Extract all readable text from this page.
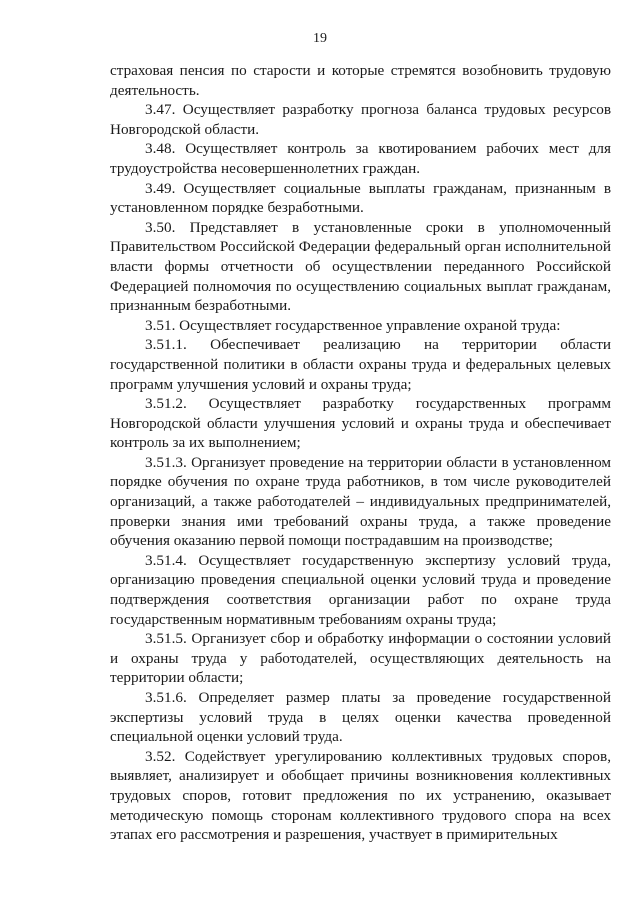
19

страховая пенсия по старости и которые стремятся возобновить трудовую деятельность.

3.47. Осуществляет разработку прогноза баланса трудовых ресурсов Новгородской области.

3.48. Осуществляет контроль за квотированием рабочих мест для трудоустройства несовершеннолетних граждан.

3.49. Осуществляет социальные выплаты гражданам, признанным в установленном порядке безработными.

3.50. Представляет в установленные сроки в уполномоченный Правительством Российской Федерации федеральный орган исполнительной власти формы отчетности об осуществлении переданного Российской Федерацией полномочия по осуществлению социальных выплат гражданам, признанным безработными.

3.51. Осуществляет государственное управление охраной труда:

3.51.1. Обеспечивает реализацию на территории области государственной политики в области охраны труда и федеральных целевых программ улучшения условий и охраны труда;

3.51.2. Осуществляет разработку государственных программ Новгородской области улучшения условий и охраны труда и обеспечивает контроль за их выполнением;

3.51.3. Организует проведение на территории области в установленном порядке обучения по охране труда работников, в том числе руководителей организаций, а также работодателей – индивидуальных предпринимателей, проверки знания ими требований охраны труда, а также проведение обучения оказанию первой помощи пострадавшим на производстве;

3.51.4. Осуществляет государственную экспертизу условий труда, организацию проведения специальной оценки условий труда и проведение подтверждения соответствия организации работ по охране труда государственным нормативным требованиям охраны труда;

3.51.5. Организует сбор и обработку информации о состоянии условий и охраны труда у работодателей, осуществляющих деятельность на территории области;

3.51.6. Определяет размер платы за проведение государственной экспертизы условий труда в целях оценки качества проведенной специальной оценки условий труда.

3.52. Содействует урегулированию коллективных трудовых споров, выявляет, анализирует и обобщает причины возникновения коллективных трудовых споров, готовит предложения по их устранению, оказывает методическую помощь сторонам коллективного трудового спора на всех этапах его рассмотрения и разрешения, участвует в примирительных
